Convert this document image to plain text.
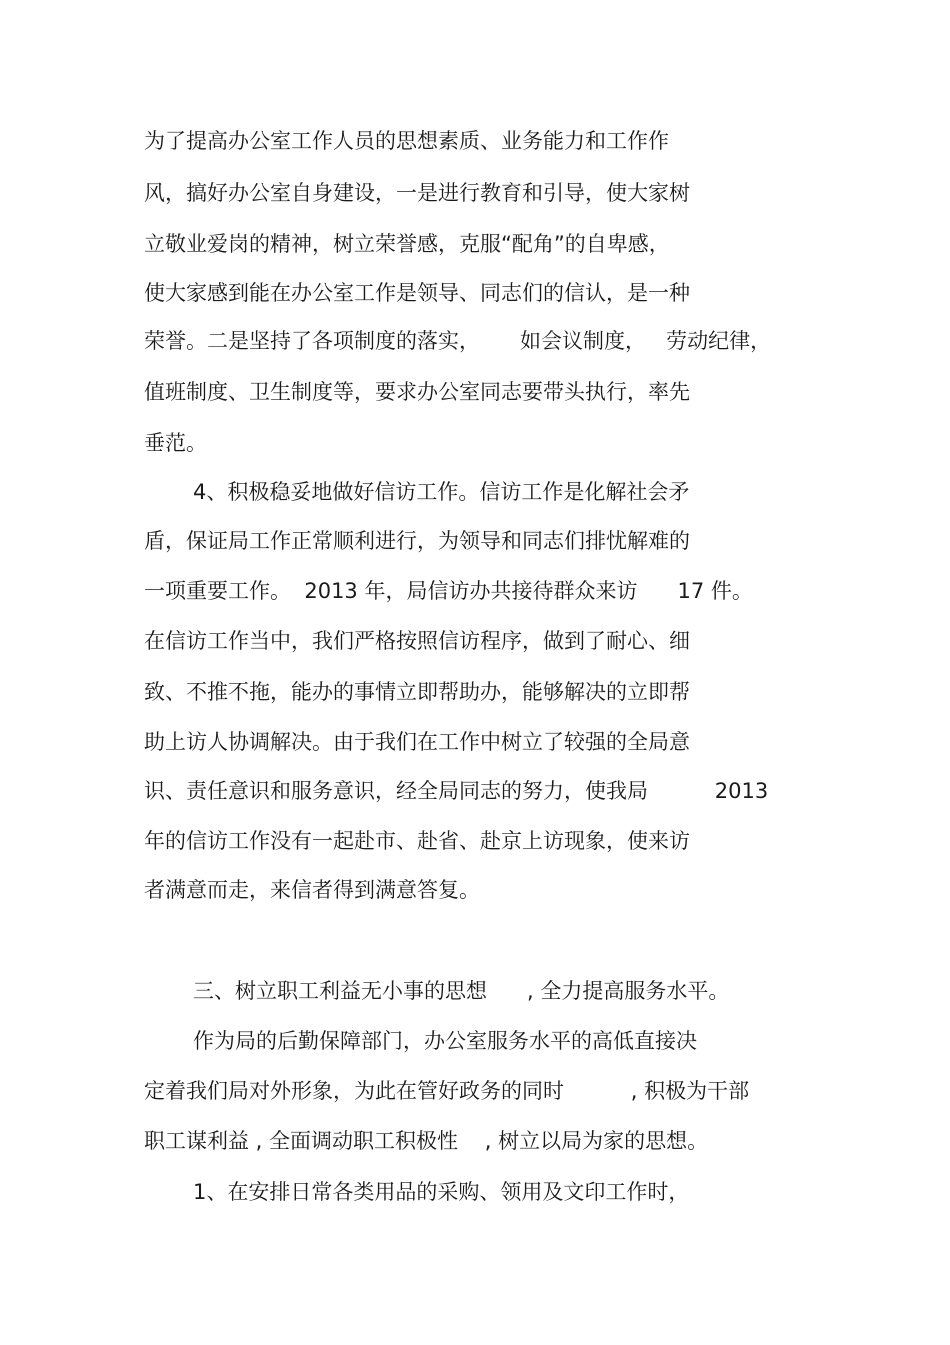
为了提高办公室工作人员的思想素质、业务能力和工作作

风，搞好办公室自身建设，一是进行教育和引导，使大家树

立敬业爱岗的精神，树立荣誉感，克服“配角”的自卑感，

使大家感到能在办公室工作是领导、同志们的信认，是一种

荣誉。二是坚持了各项制度的落实，      如会议制度，   劳动纪律，

值班制度、卫生制度等，要求办公室同志要带头执行，率先

垂范。

4、积极稳妥地做好信访工作。信访工作是化解社会矛

盾，保证局工作正常顺利进行，为领导和同志们排忧解难的

一项重要工作。  2013 年，局信访办共接待群众来访      17 件。

在信访工作当中，我们严格按照信访程序，做到了耐心、细

致、不推不拖，能办的事情立即帮助办，能够解决的立即帮

助上访人协调解决。由于我们在工作中树立了较强的全局意

识、责任意识和服务意识，经全局同志的努力，使我局          2013

年的信访工作没有一起赴市、赴省、赴京上访现象，使来访

者满意而走，来信者得到满意答复。

三、树立职工利益无小事的思想      , 全力提高服务水平。

作为局的后勤保障部门，办公室服务水平的高低直接决

定着我们局对外形象，为此在管好政务的同时          , 积极为干部

职工谋利益 , 全面调动职工积极性    , 树立以局为家的思想。

1、在安排日常各类用品的采购、领用及文印工作时，
